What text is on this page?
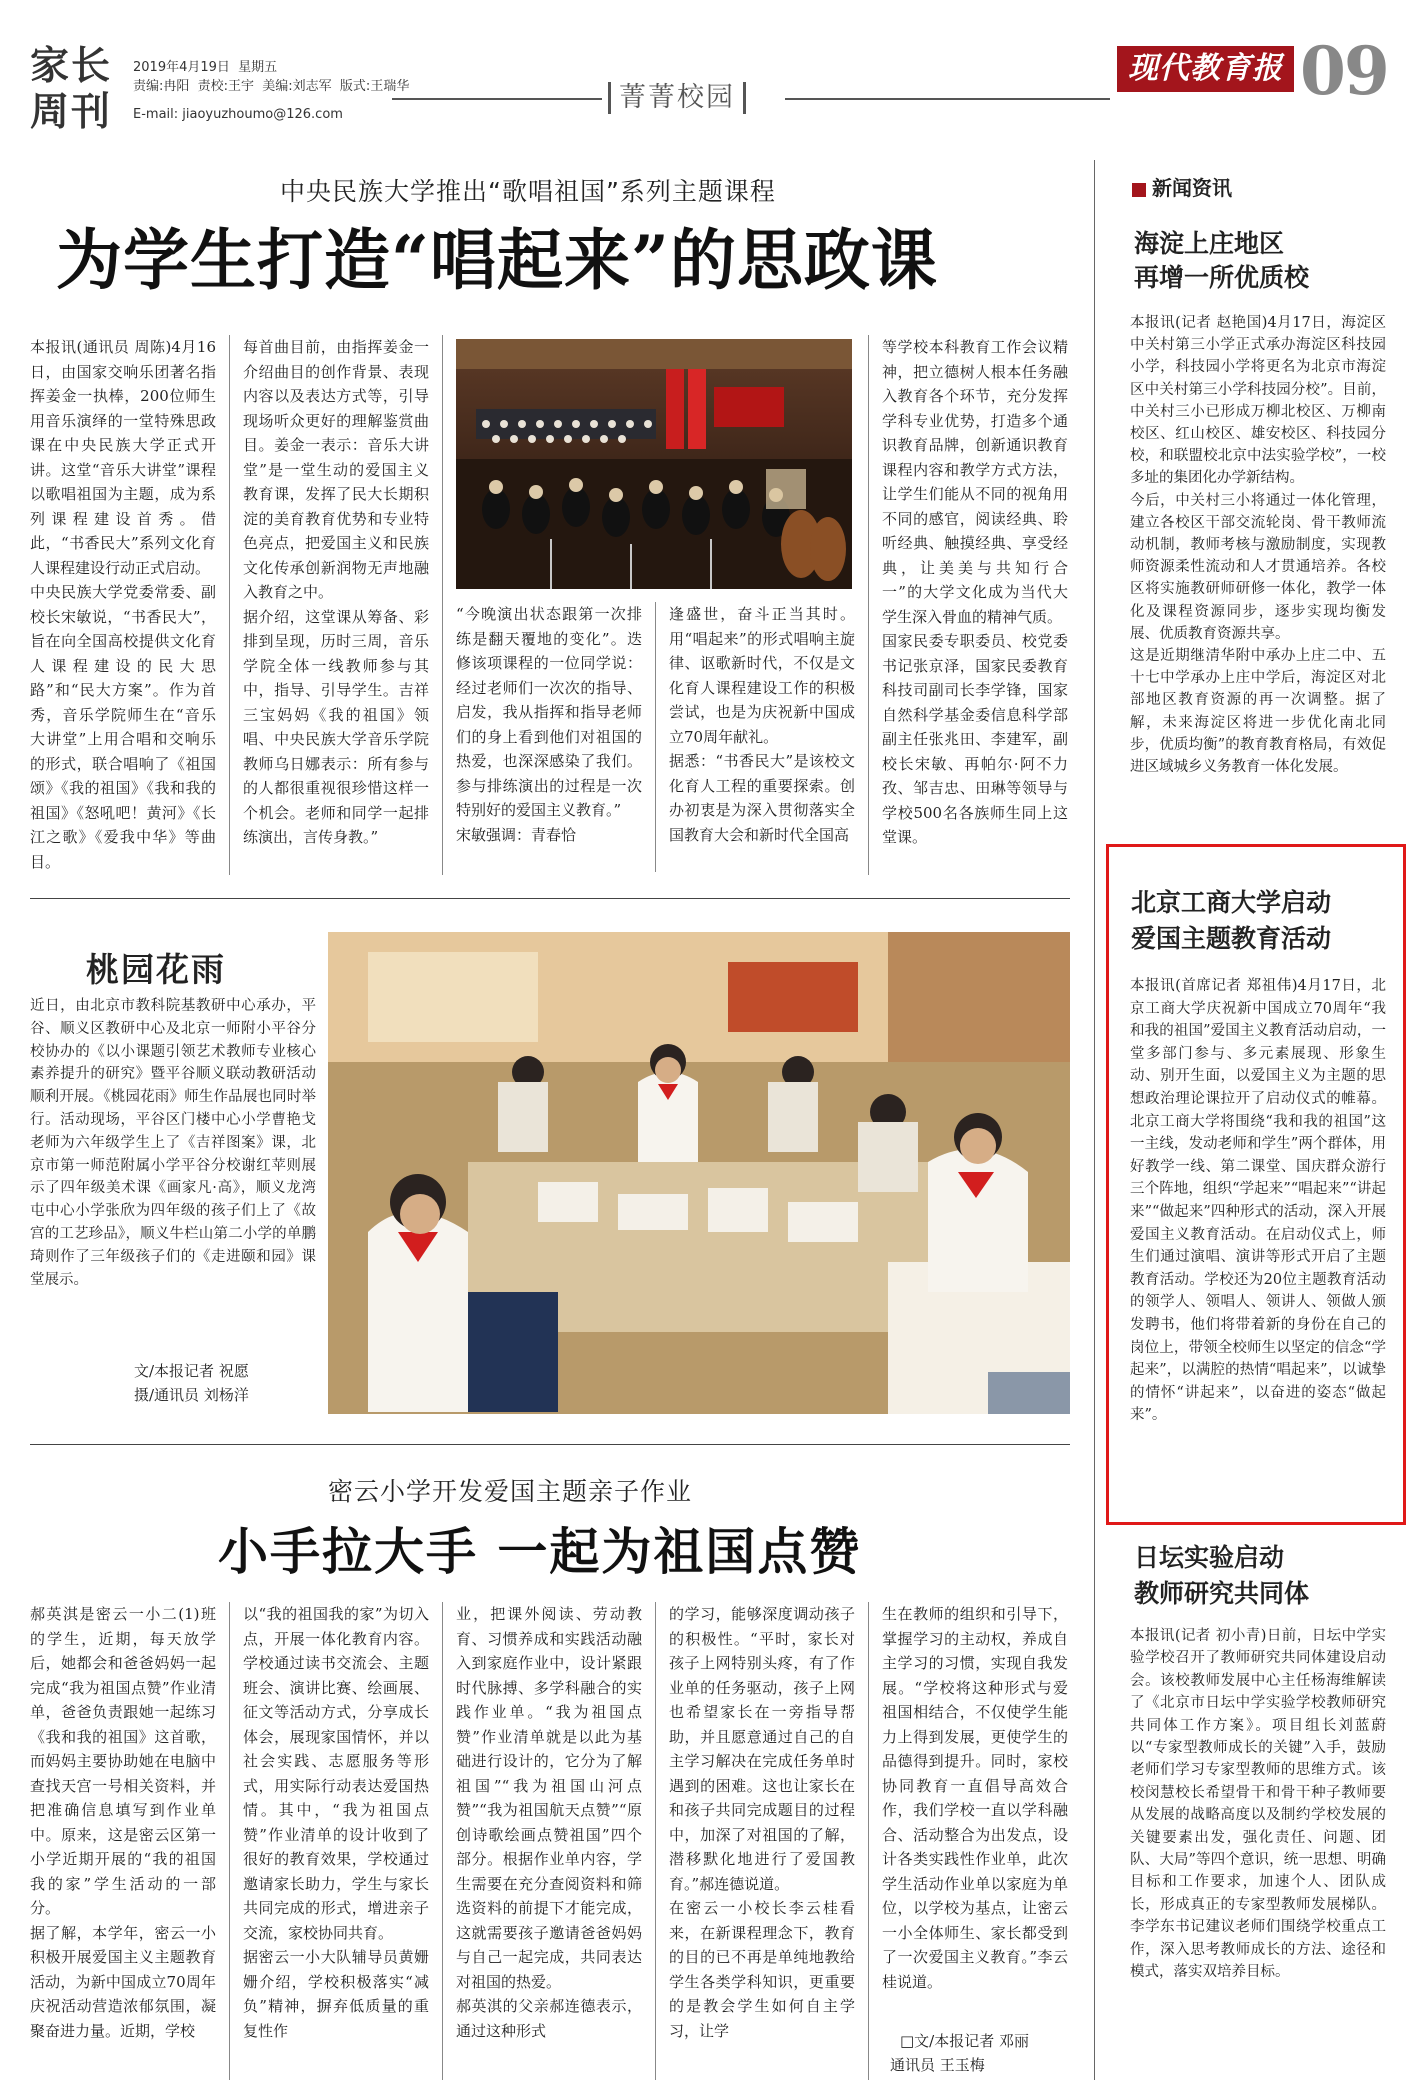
家长
周刊
2019年4月19日  星期五
责编:冉阳  责校:王宇  美编:刘志军  版式:王瑞华
E-mail: jiaoyuzhoumo@126.com
菁菁校园
现代教育报 09
中央民族大学推出“歌唱祖国”系列主题课程
为学生打造“唱起来”的思政课
本报讯(通讯员 周陈)4月16日，由国家交响乐团著名指挥姜金一执棒，200位师生用音乐演绎的一堂特殊思政课在中央民族大学正式开讲。这堂“音乐大讲堂”课程以歌唱祖国为主题，成为系列课程建设首秀。借此，“书香民大”系列文化育人课程建设行动正式启动。
中央民族大学党委常委、副校长宋敏说，“书香民大”，旨在向全国高校提供文化育人课程建设的民大思路”和“民大方案”。作为首秀，音乐学院师生在“音乐大讲堂”上用合唱和交响乐的形式，联合唱响了《祖国颂》《我的祖国》《我和我的祖国》《怒吼吧！黄河》《长江之歌》《爱我中华》等曲目。
每首曲目前，由指挥姜金一介绍曲目的创作背景、表现内容以及表达方式等，引导现场听众更好的理解鉴赏曲目。姜金一表示：音乐大讲堂”是一堂生动的爱国主义教育课，发挥了民大长期积淀的美育教育优势和专业特色亮点，把爱国主义和民族文化传承创新润物无声地融入教育之中。
据介绍，这堂课从筹备、彩排到呈现，历时三周，音乐学院全体一线教师参与其中，指导、引导学生。吉祥三宝妈妈《我的祖国》领唱、中央民族大学音乐学院教师乌日娜表示：所有参与的人都很重视很珍惜这样一个机会。老师和同学一起排练演出，言传身教。”
“今晚演出状态跟第一次排练是翻天覆地的变化”。迭修该项课程的一位同学说：经过老师们一次次的指导、启发，我从指挥和指导老师们的身上看到他们对祖国的热爱，也深深感染了我们。参与排练演出的过程是一次特别好的爱国主义教育。”
宋敏强调：青春恰
逢盛世，奋斗正当其时。用“唱起来”的形式唱响主旋律、讴歌新时代，不仅是文化育人课程建设工作的积极尝试，也是为庆祝新中国成立70周年献礼。
据悉：“书香民大”是该校文化育人工程的重要探索。创办初衷是为深入贯彻落实全国教育大会和新时代全国高
等学校本科教育工作会议精神，把立德树人根本任务融入教育各个环节，充分发挥学科专业优势，打造多个通识教育品牌，创新通识教育课程内容和教学方式方法，让学生们能从不同的视角用不同的感官，阅读经典、聆听经典、触摸经典、享受经典，让美美与共知行合一”的大学文化成为当代大学生深入骨血的精神气质。
国家民委专职委员、校党委书记张京泽，国家民委教育科技司副司长李学锋，国家自然科学基金委信息科学部副主任张兆田、李建军，副校长宋敏、再帕尔·阿不力孜、邹吉忠、田琳等领导与学校500名各族师生同上这堂课。
桃园花雨
近日，由北京市教科院基教研中心承办，平谷、顺义区教研中心及北京一师附小平谷分校协办的《以小课题引领艺术教师专业核心素养提升的研究》暨平谷顺义联动教研活动顺利开展。《桃园花雨》师生作品展也同时举行。活动现场，平谷区门楼中心小学曹艳戈老师为六年级学生上了《吉祥图案》课，北京市第一师范附属小学平谷分校谢红苹则展示了四年级美术课《画家凡·高》，顺义龙湾屯中心小学张欣为四年级的孩子们上了《故宫的工艺珍品》，顺义牛栏山第二小学的单鹏琦则作了三年级孩子们的《走进颐和园》课堂展示。
文/本报记者 祝愿
摄/通讯员 刘杨洋
密云小学开发爱国主题亲子作业
小手拉大手 一起为祖国点赞
郝英淇是密云一小二(1)班的学生，近期，每天放学后，她都会和爸爸妈妈一起完成“我为祖国点赞”作业清单，爸爸负责跟她一起练习《我和我的祖国》这首歌，而妈妈主要协助她在电脑中查找天宫一号相关资料，并把准确信息填写到作业单中。原来，这是密云区第一小学近期开展的“我的祖国我的家”学生活动的一部分。
据了解，本学年，密云一小积极开展爱国主义主题教育活动，为新中国成立70周年庆祝活动营造浓郁氛围，凝聚奋进力量。近期，学校
以“我的祖国我的家”为切入点，开展一体化教育内容。学校通过读书交流会、主题班会、演讲比赛、绘画展、征文等活动方式，分享成长体会，展现家国情怀，并以社会实践、志愿服务等形式，用实际行动表达爱国热情。其中，“我为祖国点赞”作业清单的设计收到了很好的教育效果，学校通过邀请家长助力，学生与家长共同完成的形式，增进亲子交流，家校协同共育。
据密云一小大队辅导员黄姗姗介绍，学校积极落实“减负”精神，摒弃低质量的重复性作
业，把课外阅读、劳动教育、习惯养成和实践活动融入到家庭作业中，设计紧跟时代脉搏、多学科融合的实践作业单。“我为祖国点赞”作业清单就是以此为基础进行设计的，它分为了解祖国”“我为祖国山河点赞”“我为祖国航天点赞”“原创诗歌绘画点赞祖国”四个部分。根据作业单内容，学生需要在充分查阅资料和筛选资料的前提下才能完成，这就需要孩子邀请爸爸妈妈与自己一起完成，共同表达对祖国的热爱。
郝英淇的父亲郝连德表示，通过这种形式
的学习，能够深度调动孩子的积极性。“平时，家长对孩子上网特别头疼，有了作业单的任务驱动，孩子上网也希望家长在一旁指导帮助，并且愿意通过自己的自主学习解决在完成任务单时遇到的困难。这也让家长在和孩子共同完成题目的过程中，加深了对祖国的了解，潜移默化地进行了爱国教育。”郝连德说道。
在密云一小校长李云桂看来，在新课程理念下，教育的目的已不再是单纯地教给学生各类学科知识，更重要的是教会学生如何自主学习，让学
生在教师的组织和引导下，掌握学习的主动权，养成自主学习的习惯，实现自我发展。“学校将这种形式与爱祖国相结合，不仅使学生能力上得到发展，更使学生的品德得到提升。同时，家校协同教育一直倡导高效合作，我们学校一直以学科融合、活动整合为出发点，设计各类实践性作业单，此次学生活动作业单以家庭为单位，以学校为基点，让密云一小全体师生、家长都受到了一次爱国主义教育。”李云桂说道。
□文/本报记者 邓丽
通讯员 王玉梅
新闻资讯
海淀上庄地区
再增一所优质校
本报讯(记者 赵艳国)4月17日，海淀区中关村第三小学正式承办海淀区科技园小学，科技园小学将更名为北京市海淀区中关村第三小学科技园分校”。目前，中关村三小已形成万柳北校区、万柳南校区、红山校区、雄安校区、科技园分校，和联盟校北京中法实验学校”，一校多址的集团化办学新结构。
今后，中关村三小将通过一体化管理，建立各校区干部交流轮岗、骨干教师流动机制，教师考核与激励制度，实现教师资源柔性流动和人才贯通培养。各校区将实施教研师研修一体化，教学一体化及课程资源同步，逐步实现均衡发展、优质教育资源共享。
这是近期继清华附中承办上庄二中、五十七中学承办上庄中学后，海淀区对北部地区教育资源的再一次调整。据了解，未来海淀区将进一步优化南北同步，优质均衡”的教育教育格局，有效促进区域城乡义务教育一体化发展。
北京工商大学启动
爱国主题教育活动
本报讯(首席记者 郑祖伟)4月17日，北京工商大学庆祝新中国成立70周年“我和我的祖国”爱国主义教育活动启动，一堂多部门参与、多元素展现、形象生动、别开生面，以爱国主义为主题的思想政治理论课拉开了启动仪式的帷幕。北京工商大学将围绕“我和我的祖国”这一主线，发动老师和学生”两个群体，用好教学一线、第二课堂、国庆群众游行三个阵地，组织“学起来”“唱起来”“讲起来”“做起来”四种形式的活动，深入开展爱国主义教育活动。在启动仪式上，师生们通过演唱、演讲等形式开启了主题教育活动。学校还为20位主题教育活动的领学人、领唱人、领讲人、领做人颁发聘书，他们将带着新的身份在自己的岗位上，带领全校师生以坚定的信念“学起来”，以满腔的热情“唱起来”，以诚挚的情怀“讲起来”，以奋进的姿态“做起来”。
日坛实验启动
教师研究共同体
本报讯(记者 初小青)日前，日坛中学实验学校召开了教师研究共同体建设启动会。该校教师发展中心主任杨海维解读了《北京市日坛中学实验学校教师研究共同体工作方案》。项目组长刘蓝蔚以“专家型教师成长的关键”入手，鼓励老师们学习专家型教师的思维方式。该校闵慧校长希望骨干和骨干种子教师要从发展的战略高度以及制约学校发展的关键要素出发，强化责任、问题、团队、大局”等四个意识，统一思想、明确目标和工作要求，加速个人、团队成长，形成真正的专家型教师发展梯队。李学东书记建议老师们围绕学校重点工作，深入思考教师成长的方法、途径和模式，落实双培养目标。
